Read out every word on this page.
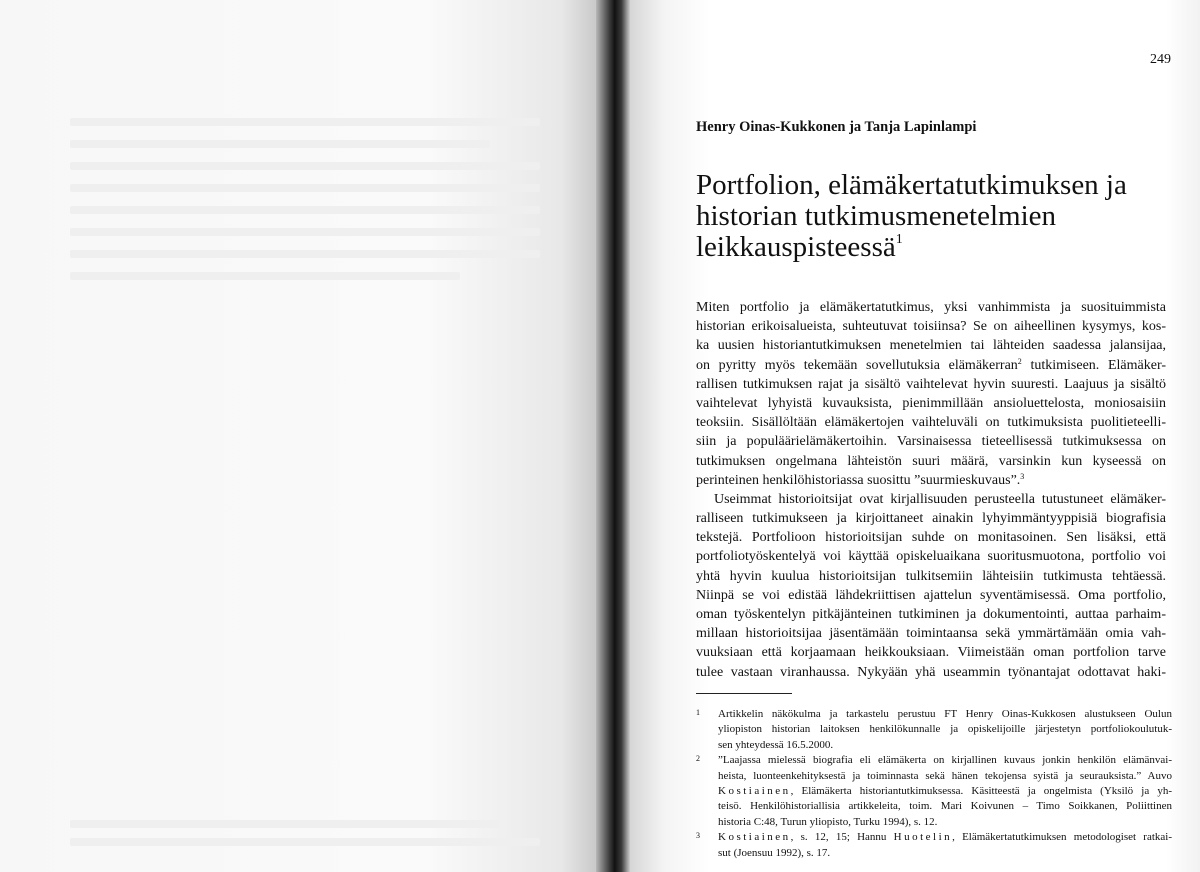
249
Henry Oinas-Kukkonen ja Tanja Lapinlampi
Portfolion, elämäkertatutkimuksen ja
historian tutkimusmenetelmien
leikkauspisteessä$^1$
Miten portfolio ja elämäkertatutkimus, yksi vanhimmista ja suosituimmista
historian erikoisalueista, suhteutuvat toisiinsa? Se on aiheellinen kysymys, kos-
ka uusien historiantutkimuksen menetelmien tai lähteiden saadessa jalansijaa,
on pyritty myös tekemään sovellutuksia elämäkerran$^2$ tutkimiseen. Elämäker-
rallisen tutkimuksen rajat ja sisältö vaihtelevat hyvin suuresti. Laajuus ja sisältö
vaihtelevat lyhyistä kuvauksista, pienimmillään ansioluettelosta, moniosaisiin
teoksiin. Sisällöltään elämäkertojen vaihteluväli on tutkimuksista puolitieteelli-
siin ja populäärielämäkertoihin. Varsinaisessa tieteellisessä tutkimuksessa on
tutkimuksen ongelmana lähteistön suuri määrä, varsinkin kun kyseessä on
perinteinen henkilöhistoriassa suosittu ”suurmieskuvaus”.$^3$
Useimmat historioitsijat ovat kirjallisuuden perusteella tutustuneet elämäker-
ralliseen tutkimukseen ja kirjoittaneet ainakin lyhyimmäntyyppisiä biografisia
tekstejä. Portfolioon historioitsijan suhde on monitasoinen. Sen lisäksi, että
portfoliotyöskentelyä voi käyttää opiskeluaikana suoritusmuotona, portfolio voi
yhtä hyvin kuulua historioitsijan tulkitsemiin lähteisiin tutkimusta tehtäessä.
Niinpä se voi edistää lähdekriittisen ajattelun syventämisessä. Oma portfolio,
oman työskentelyn pitkäjänteinen tutkiminen ja dokumentointi, auttaa parhaim-
millaan historioitsijaa jäsentämään toimintaansa sekä ymmärtämään omia vah-
vuuksiaan että korjaamaan heikkouksiaan. Viimeistään oman portfolion tarve
tulee vastaan viranhaussa. Nykyään yhä useammin työnantajat odottavat haki-
1 Artikkelin näkökulma ja tarkastelu perustuu FT Henry Oinas-Kukkosen alustukseen Oulun
yliopiston historian laitoksen henkilökunnalle ja opiskelijoille järjestetyn portfoliokoulutuk-
sen yhteydessä 16.5.2000.
2 ”Laajassa mielessä biografia eli elämäkerta on kirjallinen kuvaus jonkin henkilön elämänvai-
heista, luonteenkehityksestä ja toiminnasta sekä hänen tekojensa syistä ja seurauksista.” Auvo
Kostiainen, Elämäkerta historiantutkimuksessa. Käsitteestä ja ongelmista (Yksilö ja yh-
teisö. Henkilöhistoriallisia artikkeleita, toim. Mari Koivunen – Timo Soikkanen, Poliittinen
historia C:48, Turun yliopisto, Turku 1994), s. 12.
3 Kostiainen, s. 12, 15; Hannu Huotelin, Elämäkertatutkimuksen metodologiset ratkai-
sut (Joensuu 1992), s. 17.
